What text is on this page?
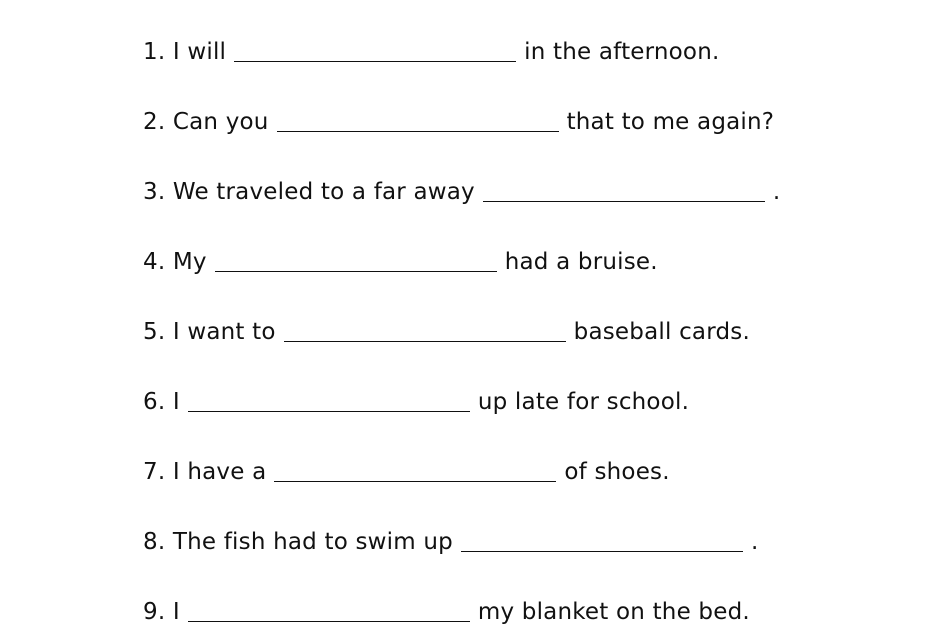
1. I will	in the afternoon.
2. Can you	that to me again?
3. We traveled to a far away	.
4. My	had a bruise.
5. I want to	baseball cards.
6. I	up late for school.
7. I have a	of shoes.
8. The fish had to swim up	.
9. I	my blanket on the bed.
